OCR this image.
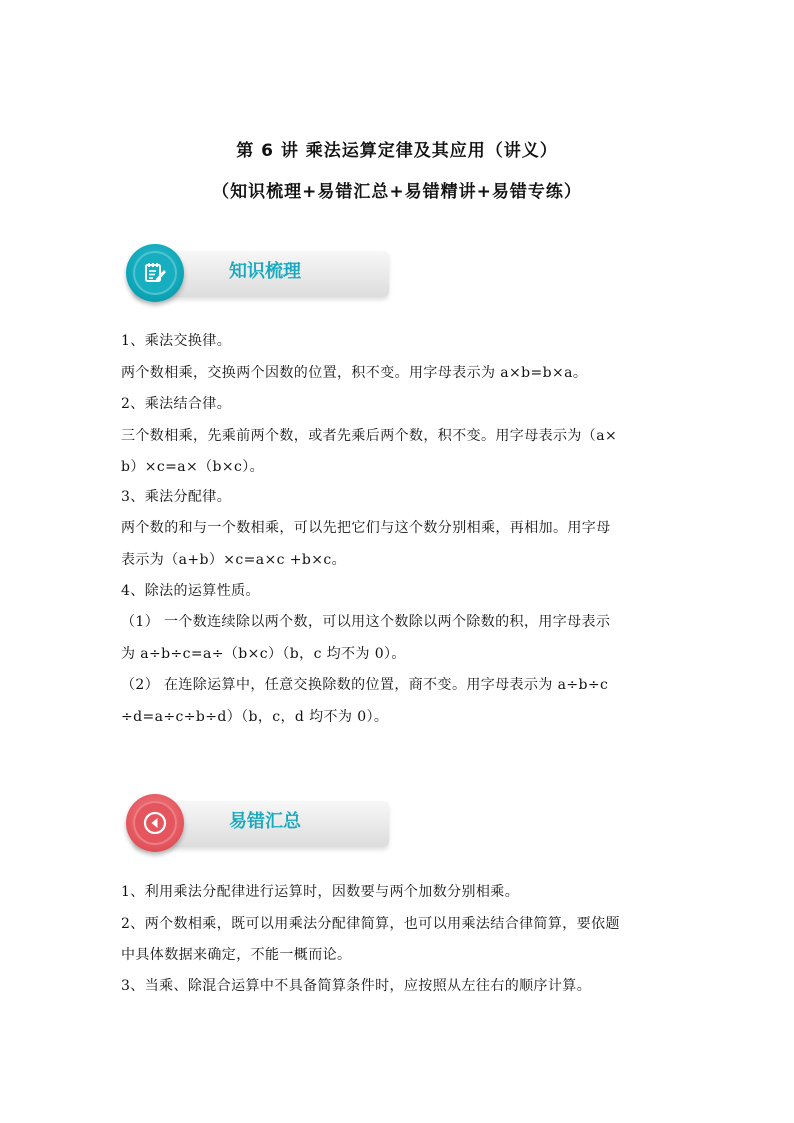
第 6 讲 乘法运算定律及其应用（讲义）
（知识梳理+易错汇总+易错精讲+易错专练）
知识梳理
1、乘法交换律。
两个数相乘，交换两个因数的位置，积不变。用字母表示为 a×b=b×a。
2、乘法结合律。
三个数相乘，先乘前两个数，或者先乘后两个数，积不变。用字母表示为（a×
b）×c=a×（b×c）。
3、乘法分配律。
两个数的和与一个数相乘，可以先把它们与这个数分别相乘，再相加。用字母
表示为（a+b）×c=a×c +b×c。
4、除法的运算性质。
（1） 一个数连续除以两个数，可以用这个数除以两个除数的积，用字母表示
为 a÷b÷c=a÷（b×c）（b，c 均不为 0）。
（2） 在连除运算中，任意交换除数的位置，商不变。用字母表示为 a÷b÷c
÷d=a÷c÷b÷d）（b，c，d 均不为 0）。
易错汇总
1、利用乘法分配律进行运算时，因数要与两个加数分别相乘。
2、两个数相乘，既可以用乘法分配律简算，也可以用乘法结合律简算，要依题
中具体数据来确定，不能一概而论。
3、当乘、除混合运算中不具备简算条件时，应按照从左往右的顺序计算。
